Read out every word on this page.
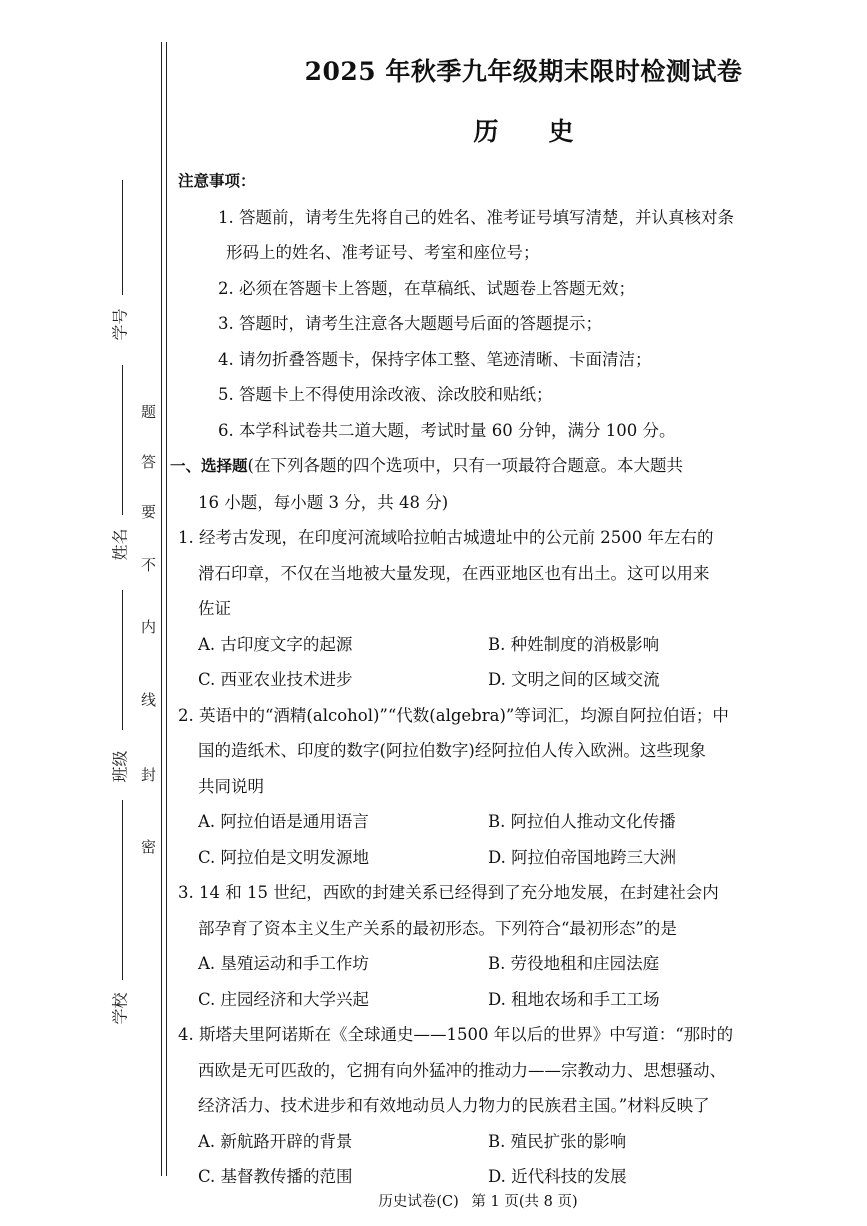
密
封
线
内
不
要
答
题
学校
班级
姓名
学号
2025 年秋季九年级期末限时检测试卷
历史
注意事项：
1. 答题前，请考生先将自己的姓名、准考证号填写清楚，并认真核对条
形码上的姓名、准考证号、考室和座位号；
2. 必须在答题卡上答题，在草稿纸、试题卷上答题无效；
3. 答题时，请考生注意各大题题号后面的答题提示；
4. 请勿折叠答题卡，保持字体工整、笔迹清晰、卡面清洁；
5. 答题卡上不得使用涂改液、涂改胶和贴纸；
6. 本学科试卷共二道大题，考试时量 60 分钟，满分 100 分。
一、选择题(在下列各题的四个选项中，只有一项最符合题意。本大题共
16 小题，每小题 3 分，共 48 分)
1. 经考古发现，在印度河流域哈拉帕古城遗址中的公元前 2500 年左右的
滑石印章，不仅在当地被大量发现，在西亚地区也有出土。这可以用来
佐证
A. 古印度文字的起源	B. 种姓制度的消极影响
C. 西亚农业技术进步	D. 文明之间的区域交流
2. 英语中的“酒精(alcohol)”“代数(algebra)”等词汇，均源自阿拉伯语；中
国的造纸术、印度的数字(阿拉伯数字)经阿拉伯人传入欧洲。这些现象
共同说明
A. 阿拉伯语是通用语言	B. 阿拉伯人推动文化传播
C. 阿拉伯是文明发源地	D. 阿拉伯帝国地跨三大洲
3. 14 和 15 世纪，西欧的封建关系已经得到了充分地发展，在封建社会内
部孕育了资本主义生产关系的最初形态。下列符合“最初形态”的是
A. 垦殖运动和手工作坊	B. 劳役地租和庄园法庭
C. 庄园经济和大学兴起	D. 租地农场和手工工场
4. 斯塔夫里阿诺斯在《全球通史——1500 年以后的世界》中写道：“那时的
西欧是无可匹敌的，它拥有向外猛冲的推动力——宗教动力、思想骚动、
经济活力、技术进步和有效地动员人力物力的民族君主国。”材料反映了
A. 新航路开辟的背景	B. 殖民扩张的影响
C. 基督教传播的范围	D. 近代科技的发展
历史试卷(C) 第 1 页(共 8 页)
